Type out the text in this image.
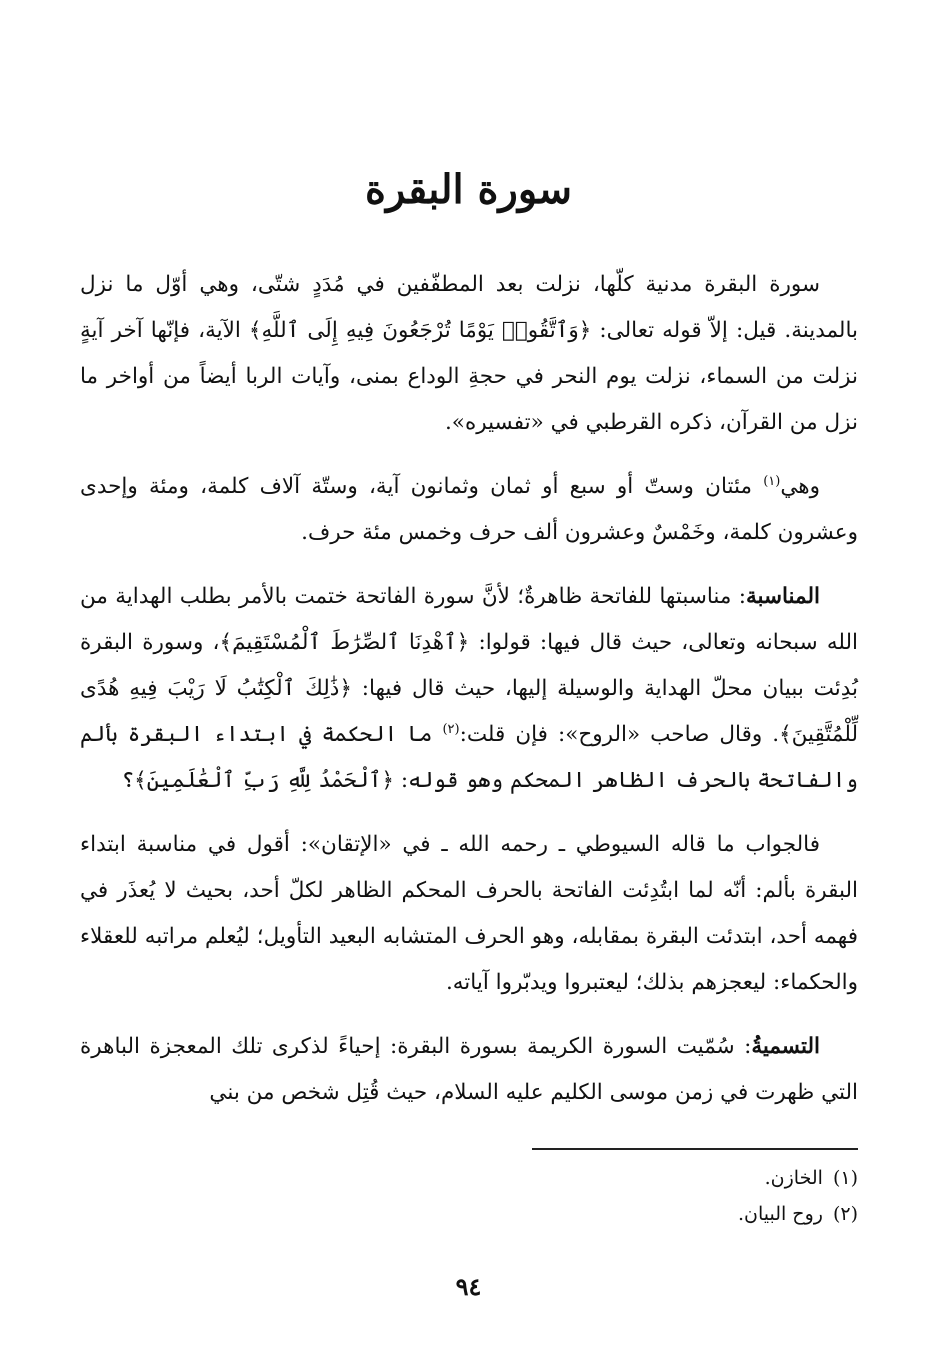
سورة البقرة

سورة البقرة مدنية كلّها، نزلت بعد المطفّفين في مُدَدٍ شتّى، وهي أوّل ما نزل بالمدينة. قيل: إلاّ قوله تعالى: ﴿وَٱتَّقُوا۟ يَوْمًا تُرْجَعُونَ فِيهِ إِلَى ٱللَّهِ﴾ الآية، فإنّها آخر آيةٍ نزلت من السماء، نزلت يوم النحر في حجةِ الوداع بمنى، وآيات الربا أيضاً من أواخر ما نزل من القرآن، ذكره القرطبي في «تفسيره».

وهي$^{(١)}$ مئتان وستّ أو سبع أو ثمان وثمانون آية، وستّة آلاف كلمة، ومئة وإحدى وعشرون كلمة، وخَمْسٌ وعشرون ألف حرف وخمس مئة حرف.

المناسبة: مناسبتها للفاتحة ظاهرةٌ؛ لأنَّ سورة الفاتحة ختمت بالأمر بطلب الهداية من الله سبحانه وتعالى، حيث قال فيها: قولوا: ﴿ٱهْدِنَا ٱلصِّرَٰطَ ٱلْمُسْتَقِيمَ﴾، وسورة البقرة بُدِئت ببيان محلّ الهداية والوسيلة إليها، حيث قال فيها: ﴿ذَٰلِكَ ٱلْكِتَٰبُ لَا رَيْبَ فِيهِ هُدًى لِّلْمُتَّقِينَ﴾. وقال صاحب «الروح»: فإن قلت:$^{(٢)}$ ما الحكمة في ابتداء البقرة بألم والفاتحة بالحرف الظاهر المحكم وهو قوله: ﴿ٱلْحَمْدُ لِلَّهِ رَبِّ ٱلْعَٰلَمِينَ﴾؟

فالجواب ما قاله السيوطي ـ رحمه الله ـ في «الإتقان»: أقول في مناسبة ابتداء البقرة بألم: أنّه لما ابتُدِئت الفاتحة بالحرف المحكم الظاهر لكلّ أحد، بحيث لا يُعذَر في فهمه أحد، ابتدئت البقرة بمقابله، وهو الحرف المتشابه البعيد التأويل؛ ليُعلم مراتبه للعقلاء والحكماء: ليعجزهم بذلك؛ ليعتبروا ويدبّروا آياته.

التسميةُ: سُمّيت السورة الكريمة بسورة البقرة: إحياءً لذكرى تلك المعجزة الباهرة التي ظهرت في زمن موسى الكليم عليه السلام، حيث قُتِل شخص من بني

(١)الخازن.
(٢)روح البيان.
٩٤
